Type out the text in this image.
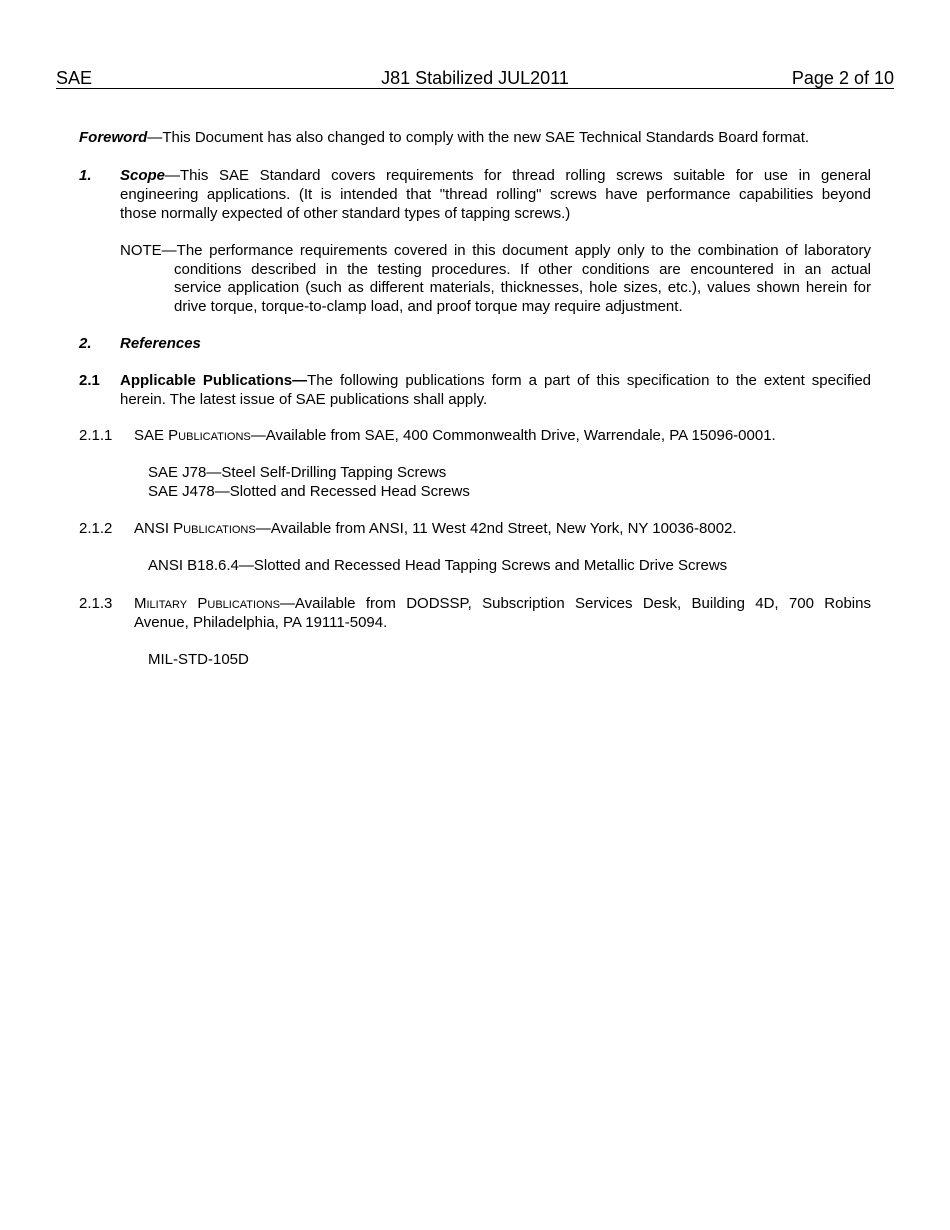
SAE	J81 Stabilized JUL2011	Page 2 of 10
Foreword—This Document has also changed to comply with the new SAE Technical Standards Board format.
1. Scope—This SAE Standard covers requirements for thread rolling screws suitable for use in general
engineering applications. (It is intended that "thread rolling" screws have performance capabilities beyond
those normally expected of other standard types of tapping screws.)
NOTE—The performance requirements covered in this document apply only to the combination of laboratory
conditions described in the testing procedures. If other conditions are encountered in an actual
service application (such as different materials, thicknesses, hole sizes, etc.), values shown herein for
drive torque, torque-to-clamp load, and proof torque may require adjustment.
2. References
2.1 Applicable Publications—The following publications form a part of this specification to the extent specified
herein. The latest issue of SAE publications shall apply.
2.1.1 SAE Publications—Available from SAE, 400 Commonwealth Drive, Warrendale, PA 15096-0001.
SAE J78—Steel Self-Drilling Tapping Screws
SAE J478—Slotted and Recessed Head Screws
2.1.2 ANSI Publications—Available from ANSI, 11 West 42nd Street, New York, NY 10036-8002.
ANSI B18.6.4—Slotted and Recessed Head Tapping Screws and Metallic Drive Screws
2.1.3 Military Publications—Available from DODSSP, Subscription Services Desk, Building 4D, 700 Robins
Avenue, Philadelphia, PA 19111-5094.
MIL-STD-105D
